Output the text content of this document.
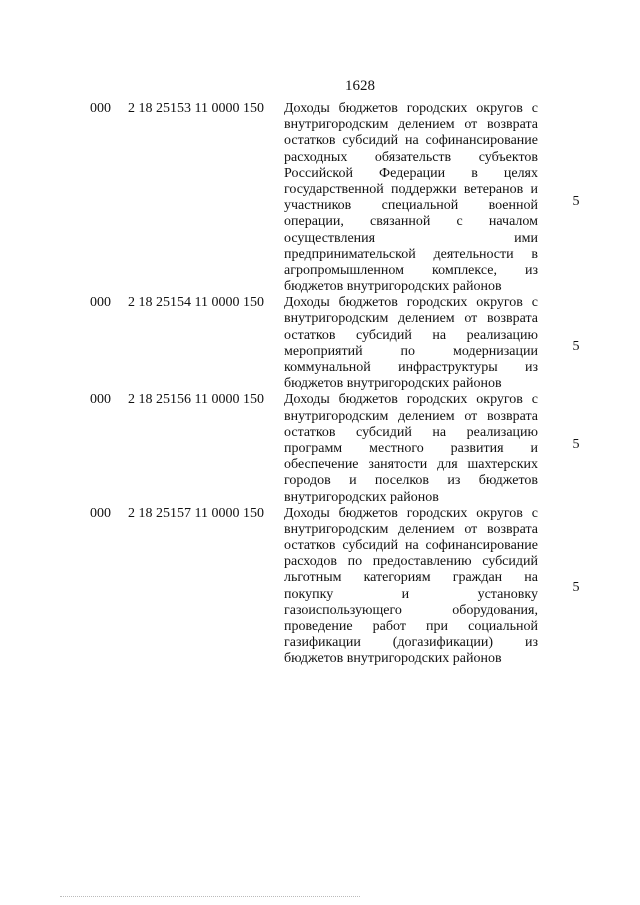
1628
000 2 18 25153 11 0000 150 Доходы бюджетов городских округов с
внутригородским делением от возврата
остатков субсидий на софинансирование
расходных обязательств субъектов
Российской Федерации в целях
государственной поддержки ветеранов и
участников специальной военной
операции, связанной с началом
осуществления ими
предпринимательской деятельности в
агропромышленном комплексе, из
бюджетов внутригородских районов
5
000 2 18 25154 11 0000 150 Доходы бюджетов городских округов с
внутригородским делением от возврата
остатков субсидий на реализацию
мероприятий по модернизации
коммунальной инфраструктуры из
бюджетов внутригородских районов
5
000 2 18 25156 11 0000 150 Доходы бюджетов городских округов с
внутригородским делением от возврата
остатков субсидий на реализацию
программ местного развития и
обеспечение занятости для шахтерских
городов и поселков из бюджетов
внутригородских районов
5
000 2 18 25157 11 0000 150 Доходы бюджетов городских округов с
внутригородским делением от возврата
остатков субсидий на софинансирование
расходов по предоставлению субсидий
льготным категориям граждан на
покупку и установку
газоиспользующего оборудования,
проведение работ при социальной
газификации (догазификации) из
бюджетов внутригородских районов
5
